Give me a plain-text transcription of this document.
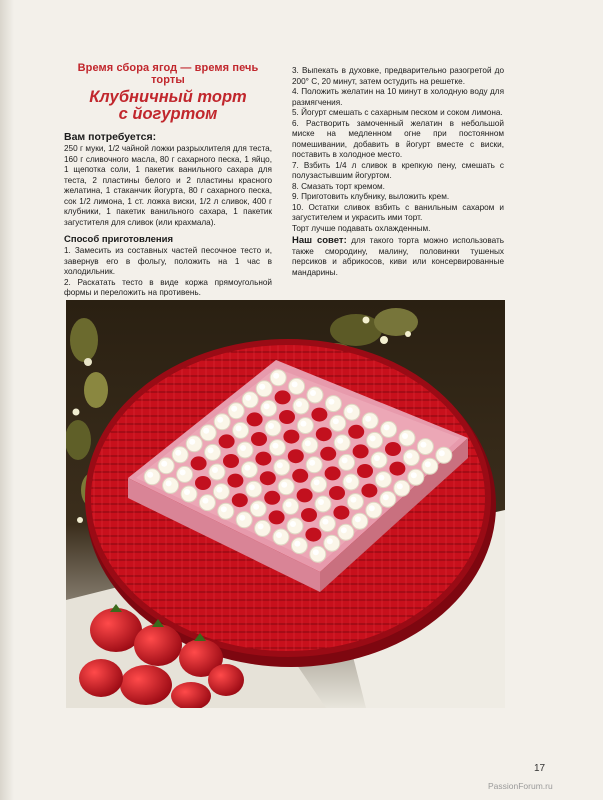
Время сбора ягод — время печь торты
Клубничный торт
с йогуртом
Вам потребуется:

250 г муки, 1/2 чайной ложки разрыхлителя для теста, 160 г сливочного масла, 80 г сахарного песка, 1 яйцо, 1 щепотка соли, 1 пакетик ванильного сахара для теста, 2 пластины белого и 2 пластины красного желатина, 1 стаканчик йогурта, 80 г сахарного песка, сок 1/2 лимона, 1 ст. ложка виски, 1/2 л сливок, 400 г клубники, 1 пакетик ванильного сахара, 1 пакетик загустителя для сливок (или крахмала).

Способ приготовления
1. Замесить из составных частей песочное тесто и, завернув его в фольгу, положить на 1 час в холодильник.
2. Раскатать тесто в виде коржа прямоугольной формы и переложить на противень.
3. Выпекать в духовке, предварительно разогретой до 200° С, 20 минут, затем остудить на решетке.
4. Положить желатин на 10 минут в холодную воду для размягчения.
5. Йогурт смешать с сахарным песком и соком лимона.
6. Растворить замоченный желатин в небольшой миске на медленном огне при постоянном помешивании, добавить в йогурт вместе с виски, поставить в холодное место.
7. Взбить 1/4 л сливок в крепкую пену, смешать с полузастывшим йогуртом.
8. Смазать торт кремом.
9. Приготовить клубнику, выложить крем.
10. Остатки сливок взбить с ванильным сахаром и загустителем и украсить ими торт.
Торт лучше подавать охлажденным.

Наш совет: для такого торта можно использовать также смородину, малину, половинки тушеных персиков и абрикосов, киви или консервированные мандарины.

17
PassionForum.ru
